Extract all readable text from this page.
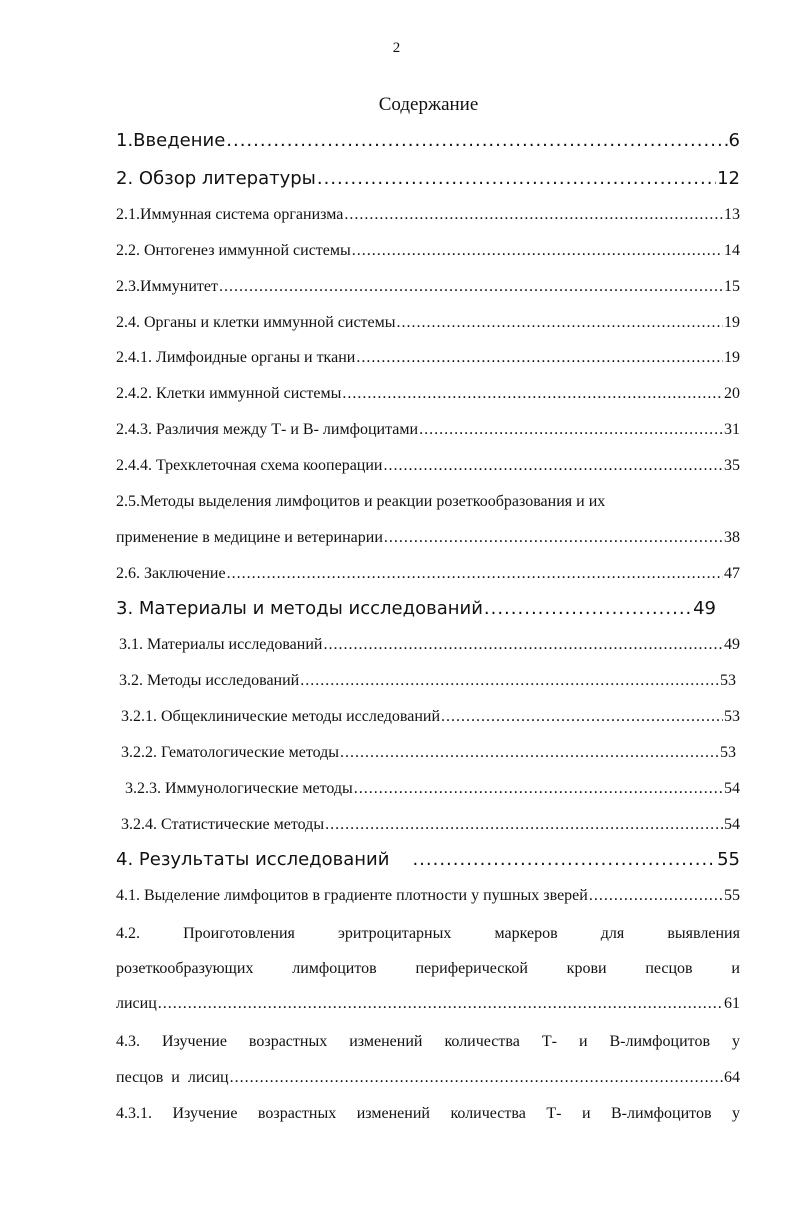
2
Содержание
1.Введение .....	6
2. Обзор литературы .....	12
2.1.Иммунная система организма .....	13
2.2. Онтогенез иммунной системы .....	14
2.3.Иммунитет .....	15
2.4. Органы и клетки иммунной системы .....	19
2.4.1. Лимфоидные органы и ткани .....	19
2.4.2. Клетки иммунной системы .....	20
2.4.3. Различия между Т- и В- лимфоцитами .....	31
2.4.4. Трехклеточная схема кооперации .....	35
2.5.Методы выделения лимфоцитов и реакции розеткообразования и их
применение в медицине и ветеринарии .....	38
2.6. Заключение .....	47
3. Материалы и методы исследований .....	49
3.1. Материалы исследований .....	49
3.2. Методы исследований .....	53
3.2.1. Общеклинические методы исследований .....	53
3.2.2. Гематологические методы .....	53
3.2.3. Иммунологические методы .....	54
3.2.4. Статистические методы .....	54
4. Результаты исследований .....	55
4.1. Выделение лимфоцитов в градиенте плотности у пушных зверей .....	55
4.2.	Проиготовления	эритроцитарных	маркеров	для	выявления
розеткообразующих лимфоцитов периферической крови песцов и
лисиц .....	61
4.3. Изучение возрастных изменений количества Т- и В-лимфоцитов у
песцов  и  лисиц .....	64
4.3.1. Изучение возрастных изменений количества Т- и В-лимфоцитов у
